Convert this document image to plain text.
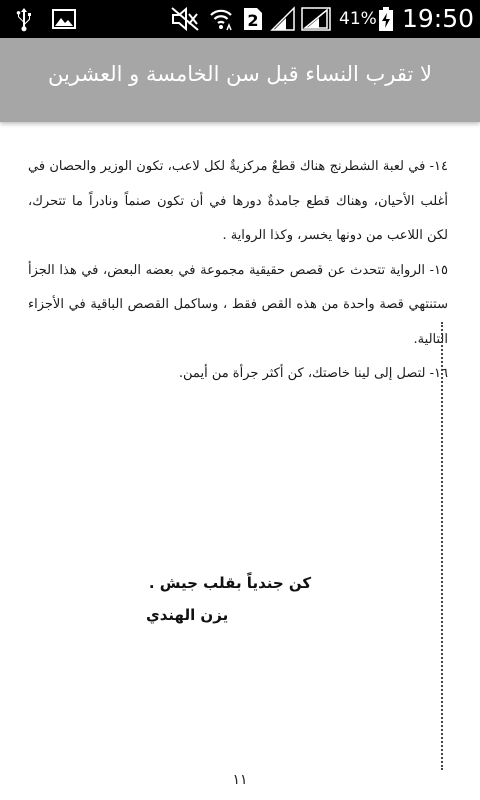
2	41% 19:50
لا تقرب النساء قبل سن الخامسة و العشرين

١٤- في لعبة الشطرنج هناك قطعٌ مركزيةٌ لكل لاعب، تكون الوزير والحصان في أغلب الأحيان، وهناك قطع جامدةٌ دورها في أن تكون صنماً ونادراً ما تتحرك، لكن اللاعب من دونها يخسر، وكذا الرواية .

١٥- الرواية تتحدث عن قصص حقيقية مجموعة في بعضه البعض، في هذا الجزأ ستنتهي قصة واحدة من هذه القص فقط ، وساكمل القصص الباقية في الأجزاء التالية.

١٦- لتصل إلى لينا خاصتك، كن أكثر جرأة من أيمن.

كن جندياً بقلب جيش .
يزن الهندي
١١
